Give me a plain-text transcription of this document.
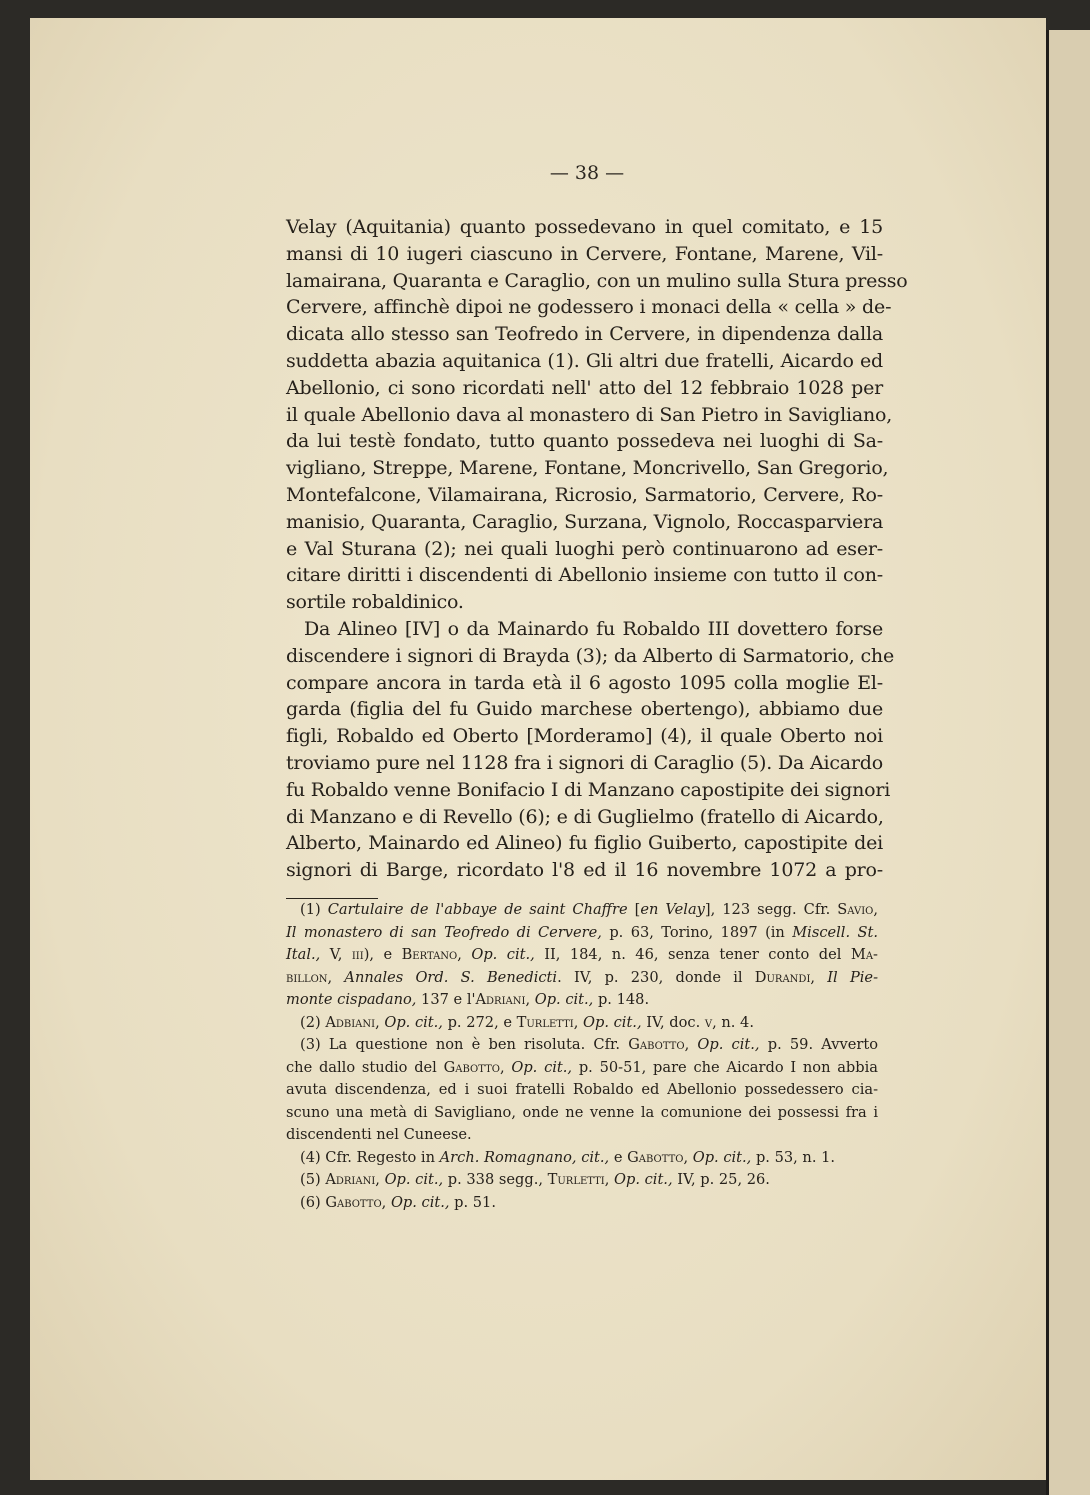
— 38 —
Velay (Aquitania) quanto possedevano in quel comitato, e 15
mansi di 10 iugeri ciascuno in Cervere, Fontane, Marene, Vil-
lamairana, Quaranta e Caraglio, con un mulino sulla Stura presso
Cervere, affinchè dipoi ne godessero i monaci della « cella » de-
dicata allo stesso san Teofredo in Cervere, in dipendenza dalla
suddetta abazia aquitanica (1). Gli altri due fratelli, Aicardo ed
Abellonio, ci sono ricordati nell' atto del 12 febbraio 1028 per
il quale Abellonio dava al monastero di San Pietro in Savigliano,
da lui testè fondato, tutto quanto possedeva nei luoghi di Sa-
vigliano, Streppe, Marene, Fontane, Moncrivello, San Gregorio,
Montefalcone, Vilamairana, Ricrosio, Sarmatorio, Cervere, Ro-
manisio, Quaranta, Caraglio, Surzana, Vignolo, Roccasparviera
e Val Sturana (2); nei quali luoghi però continuarono ad eser-
citare diritti i discendenti di Abellonio insieme con tutto il con-
sortile robaldinico.
Da Alineo [IV] o da Mainardo fu Robaldo III dovettero forse
discendere i signori di Brayda (3); da Alberto di Sarmatorio, che
compare ancora in tarda età il 6 agosto 1095 colla moglie El-
garda (figlia del fu Guido marchese obertengo), abbiamo due
figli, Robaldo ed Oberto [Morderamo] (4), il quale Oberto noi
troviamo pure nel 1128 fra i signori di Caraglio (5). Da Aicardo
fu Robaldo venne Bonifacio I di Manzano capostipite dei signori
di Manzano e di Revello (6); e di Guglielmo (fratello di Aicardo,
Alberto, Mainardo ed Alineo) fu figlio Guiberto, capostipite dei
signori di Barge, ricordato l'8 ed il 16 novembre 1072 a pro-
(1) Cartulaire de l'abbaye de saint Chaffre [en Velay], 123 segg. Cfr. Savio,
Il monastero di san Teofredo di Cervere, p. 63, Torino, 1897 (in Miscell. St.
Ital., V, iii), e Bertano, Op. cit., II, 184, n. 46, senza tener conto del Ma-
billon, Annales Ord. S. Benedicti. IV, p. 230, donde il Durandi, Il Pie-
monte cispadano, 137 e l'Adriani, Op. cit., p. 148.
(2) Adbiani, Op. cit., p. 272, e Turletti, Op. cit., IV, doc. v, n. 4.
(3) La questione non è ben risoluta. Cfr. Gabotto, Op. cit., p. 59. Avverto
che dallo studio del Gabotto, Op. cit., p. 50-51, pare che Aicardo I non abbia
avuta discendenza, ed i suoi fratelli Robaldo ed Abellonio possedessero cia-
scuno una metà di Savigliano, onde ne venne la comunione dei possessi fra i
discendenti nel Cuneese.
(4) Cfr. Regesto in Arch. Romagnano, cit., e Gabotto, Op. cit., p. 53, n. 1.
(5) Adriani, Op. cit., p. 338 segg., Turletti, Op. cit., IV, p. 25, 26.
(6) Gabotto, Op. cit., p. 51.
